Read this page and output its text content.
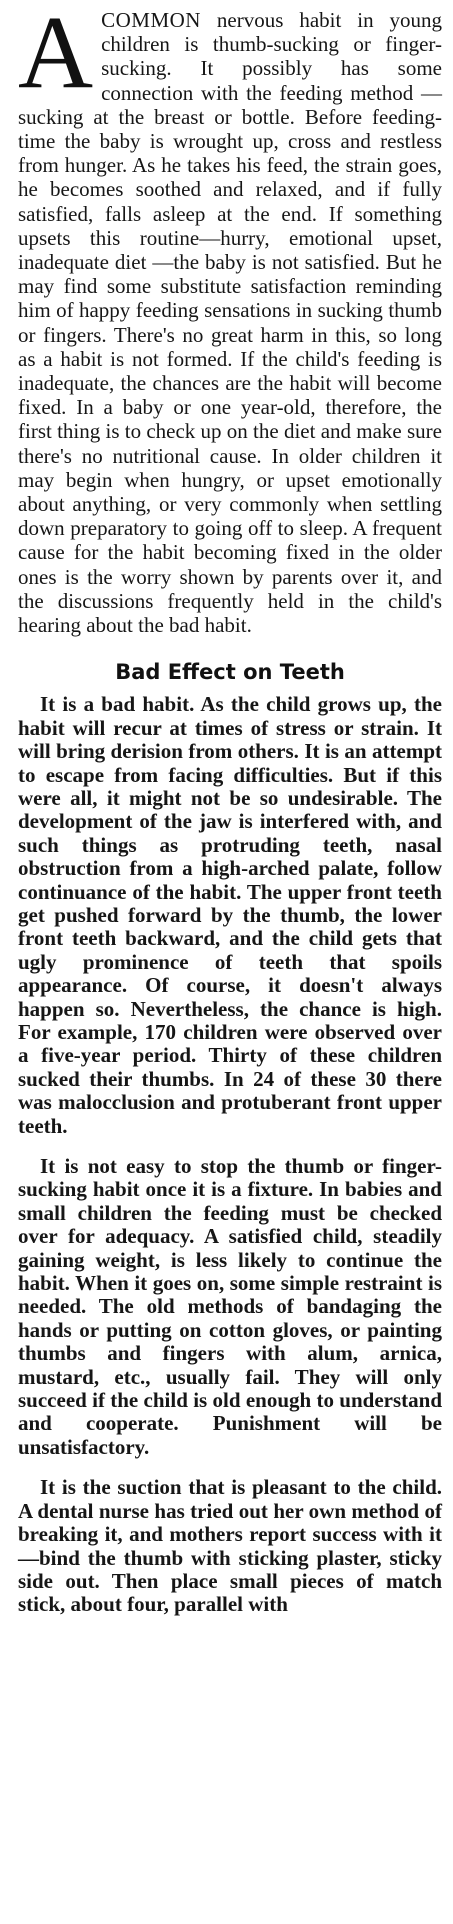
ACOMMON nervous habit in young children is thumb-sucking or finger-sucking. It possibly has some connection with the feeding method — sucking at the breast or bottle. Before feeding-time the baby is wrought up, cross and restless from hunger. As he takes his feed, the strain goes, he becomes soothed and relaxed, and if fully satisfied, falls asleep at the end. If something upsets this routine—hurry, emotional upset, inadequate diet —the baby is not satisfied. But he may find some substitute satisfaction reminding him of happy feeding sensations in sucking thumb or fingers. There's no great harm in this, so long as a habit is not formed. If the child's feeding is inadequate, the chances are the habit will become fixed. In a baby or one year-old, therefore, the first thing is to check up on the diet and make sure there's no nutritional cause. In older children it may begin when hungry, or upset emotionally about anything, or very commonly when settling down preparatory to going off to sleep. A frequent cause for the habit becoming fixed in the older ones is the worry shown by parents over it, and the discussions frequently held in the child's hearing about the bad habit.

Bad Effect on Teeth

It is a bad habit. As the child grows up, the habit will recur at times of stress or strain. It will bring derision from others. It is an attempt to escape from facing difficulties. But if this were all, it might not be so undesirable. The development of the jaw is interfered with, and such things as protruding teeth, nasal obstruction from a high-arched palate, follow continuance of the habit. The upper front teeth get pushed forward by the thumb, the lower front teeth backward, and the child gets that ugly prominence of teeth that spoils appearance. Of course, it doesn't always happen so. Nevertheless, the chance is high. For example, 170 children were observed over a five-year period. Thirty of these children sucked their thumbs. In 24 of these 30 there was malocclusion and protuberant front upper teeth.

It is not easy to stop the thumb or finger-sucking habit once it is a fixture. In babies and small children the feeding must be checked over for adequacy. A satisfied child, steadily gaining weight, is less likely to continue the habit. When it goes on, some simple restraint is needed. The old methods of bandaging the hands or putting on cotton gloves, or painting thumbs and fingers with alum, arnica, mustard, etc., usually fail. They will only succeed if the child is old enough to understand and cooperate. Punishment will be unsatisfactory.

It is the suction that is pleasant to the child. A dental nurse has tried out her own method of breaking it, and mothers report success with it—bind the thumb with sticking plaster, sticky side out. Then place small pieces of match stick, about four, parallel with
